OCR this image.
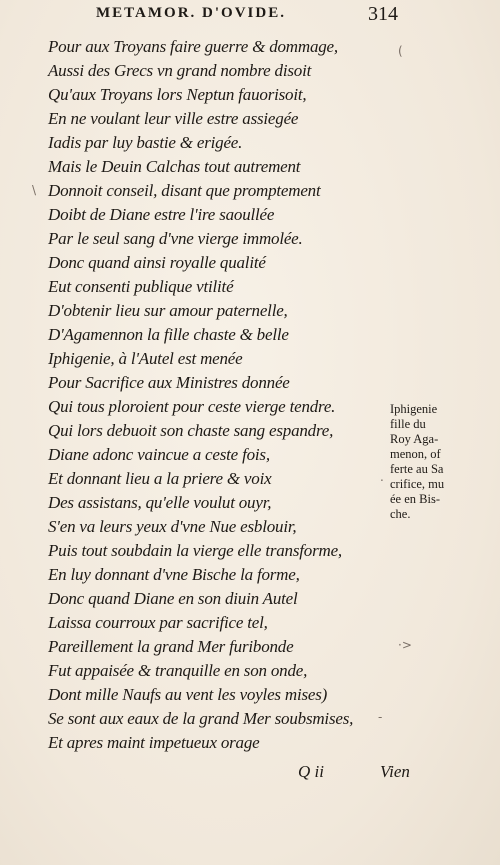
METAMOR. D'OVIDE.	314
Pour aux Troyans faire guerre & dommage,
Aussi des Grecs vn grand nombre disoit
Qu'aux Troyans lors Neptun fauorisoit,
En ne voulant leur ville estre assiegée
Iadis par luy bastie & erigée.
Mais le Deuin Calchas tout autrement
Donnoit conseil, disant que promptement
Doibt de Diane estre l'ire saoullée
Par le seul sang d'vne vierge immolée.
Donc quand ainsi royalle qualité
Eut consenti publique vtilité
D'obtenir lieu sur amour paternelle,
D'Agamennon la fille chaste & belle
Iphigenie, à l'Autel est menée
Pour Sacrifice aux Ministres donnée
Qui tous ploroient pour ceste vierge tendre.
Qui lors debuoit son chaste sang espandre,
Diane adonc vaincue a ceste fois,
Et donnant lieu a la priere & voix
Des assistans, qu'elle voulut ouyr,
S'en va leurs yeux d'vne Nue esblouir,
Puis tout soubdain la vierge elle transforme,
En luy donnant d'vne Bische la forme,
Donc quand Diane en son diuin Autel
Laissa courroux par sacrifice tel,
Pareillement la grand Mer furibonde
Fut appaisée & tranquille en son onde,
Dont mille Naufs au vent les voyles mises)
Se sont aux eaux de la grand Mer soubsmises,
Et apres maint impetueux orage
Iphigenie
fille du
Roy Aga-
menon, of
ferte au Sa
crifice, mu
ée en Bis-
che.
Q ii	Vien
(
\
.
·>
-
